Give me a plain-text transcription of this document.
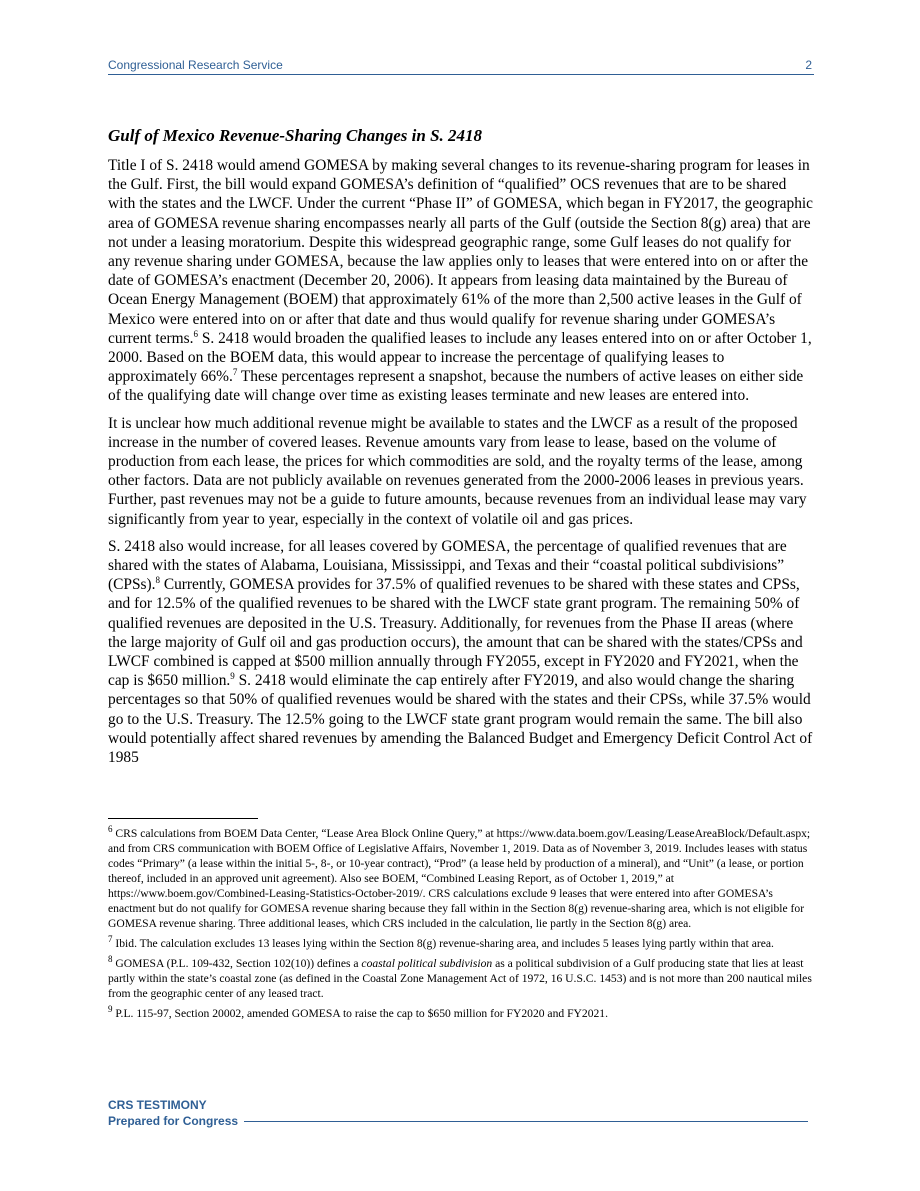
Congressional Research Service	2
Gulf of Mexico Revenue-Sharing Changes in S. 2418

Title I of S. 2418 would amend GOMESA by making several changes to its revenue-sharing program for leases in the Gulf. First, the bill would expand GOMESA’s definition of “qualified” OCS revenues that are to be shared with the states and the LWCF. Under the current “Phase II” of GOMESA, which began in FY2017, the geographic area of GOMESA revenue sharing encompasses nearly all parts of the Gulf (outside the Section 8(g) area) that are not under a leasing moratorium. Despite this widespread geographic range, some Gulf leases do not qualify for any revenue sharing under GOMESA, because the law applies only to leases that were entered into on or after the date of GOMESA’s enactment (December 20, 2006). It appears from leasing data maintained by the Bureau of Ocean Energy Management (BOEM) that approximately 61% of the more than 2,500 active leases in the Gulf of Mexico were entered into on or after that date and thus would qualify for revenue sharing under GOMESA’s current terms.$^6$ S. 2418 would broaden the qualified leases to include any leases entered into on or after October 1, 2000. Based on the BOEM data, this would appear to increase the percentage of qualifying leases to approximately 66%.$^7$ These percentages represent a snapshot, because the numbers of active leases on either side of the qualifying date will change over time as existing leases terminate and new leases are entered into.

It is unclear how much additional revenue might be available to states and the LWCF as a result of the proposed increase in the number of covered leases. Revenue amounts vary from lease to lease, based on the volume of production from each lease, the prices for which commodities are sold, and the royalty terms of the lease, among other factors. Data are not publicly available on revenues generated from the 2000-2006 leases in previous years. Further, past revenues may not be a guide to future amounts, because revenues from an individual lease may vary significantly from year to year, especially in the context of volatile oil and gas prices.

S. 2418 also would increase, for all leases covered by GOMESA, the percentage of qualified revenues that are shared with the states of Alabama, Louisiana, Mississippi, and Texas and their “coastal political subdivisions” (CPSs).$^8$ Currently, GOMESA provides for 37.5% of qualified revenues to be shared with these states and CPSs, and for 12.5% of the qualified revenues to be shared with the LWCF state grant program. The remaining 50% of qualified revenues are deposited in the U.S. Treasury. Additionally, for revenues from the Phase II areas (where the large majority of Gulf oil and gas production occurs), the amount that can be shared with the states/CPSs and LWCF combined is capped at $500 million annually through FY2055, except in FY2020 and FY2021, when the cap is $650 million.$^9$ S. 2418 would eliminate the cap entirely after FY2019, and also would change the sharing percentages so that 50% of qualified revenues would be shared with the states and their CPSs, while 37.5% would go to the U.S. Treasury. The 12.5% going to the LWCF state grant program would remain the same. The bill also would potentially affect shared revenues by amending the Balanced Budget and Emergency Deficit Control Act of 1985

$^6$ CRS calculations from BOEM Data Center, “Lease Area Block Online Query,” at https://www.data.boem.gov/Leasing/LeaseAreaBlock/Default.aspx; and from CRS communication with BOEM Office of Legislative Affairs, November 1, 2019. Data as of November 3, 2019. Includes leases with status codes “Primary” (a lease within the initial 5-, 8-, or 10-year contract), “Prod” (a lease held by production of a mineral), and “Unit” (a lease, or portion thereof, included in an approved unit agreement). Also see BOEM, “Combined Leasing Report, as of October 1, 2019,” at https://www.boem.gov/Combined-Leasing-Statistics-October-2019/. CRS calculations exclude 9 leases that were entered into after GOMESA’s enactment but do not qualify for GOMESA revenue sharing because they fall within in the Section 8(g) revenue-sharing area, which is not eligible for GOMESA revenue sharing. Three additional leases, which CRS included in the calculation, lie partly in the Section 8(g) area.

$^7$ Ibid. The calculation excludes 13 leases lying within the Section 8(g) revenue-sharing area, and includes 5 leases lying partly within that area.

$^8$ GOMESA (P.L. 109-432, Section 102(10)) defines a coastal political subdivision as a political subdivision of a Gulf producing state that lies at least partly within the state’s coastal zone (as defined in the Coastal Zone Management Act of 1972, 16 U.S.C. 1453) and is not more than 200 nautical miles from the geographic center of any leased tract.

$^9$ P.L. 115-97, Section 20002, amended GOMESA to raise the cap to $650 million for FY2020 and FY2021.

CRS TESTIMONY
Prepared for Congress
